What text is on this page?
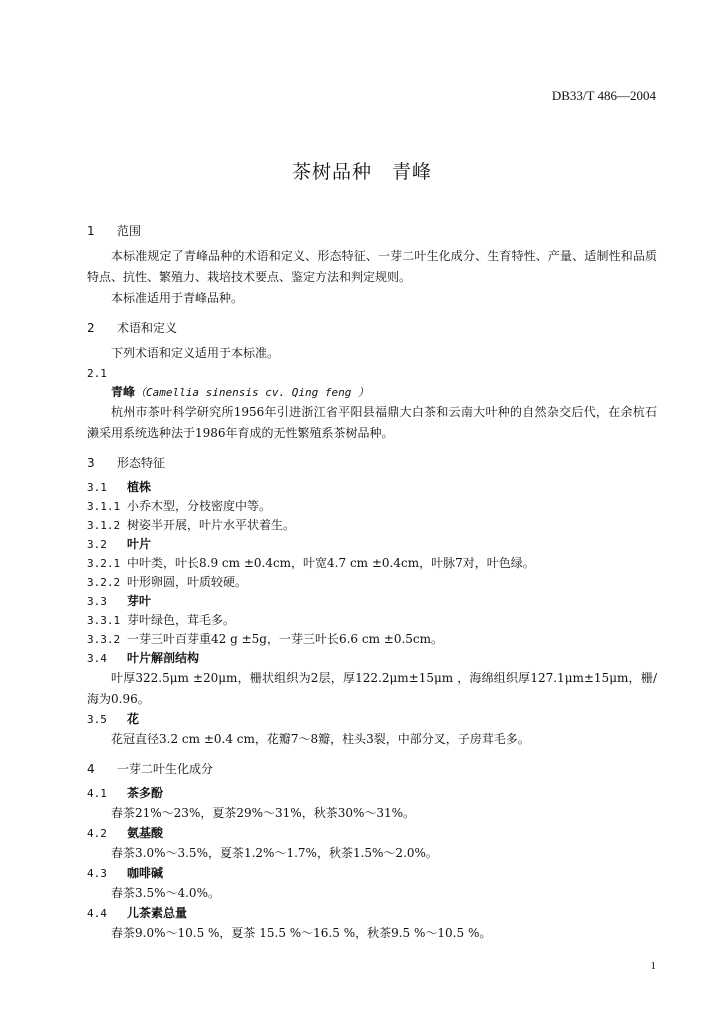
DB33/T 486—2004
茶树品种　青峰
1 范围

本标准规定了青峰品种的术语和定义、形态特征、一芽二叶生化成分、生育特性、产量、适制性和品质特点、抗性、繁殖力、栽培技术要点、鉴定方法和判定规则。

本标准适用于青峰品种。

2 术语和定义

下列术语和定义适用于本标准。

2.1

青峰（Camellia sinensis cv. Qing feng ）

杭州市茶叶科学研究所1956年引进浙江省平阳县福鼎大白茶和云南大叶种的自然杂交后代，在余杭石濑采用系统选种法于1986年育成的无性繁殖系茶树品种。

3 形态特征

3.1 植株

3.1.1 小乔木型，分枝密度中等。

3.1.2 树姿半开展，叶片水平状着生。

3.2 叶片

3.2.1 中叶类，叶长8.9 cm ±0.4cm，叶宽4.7 cm ±0.4cm，叶脉7对，叶色绿。

3.2.2 叶形卵圆，叶质较硬。

3.3 芽叶

3.3.1 芽叶绿色，茸毛多。

3.3.2 一芽三叶百芽重42 g ±5g，一芽三叶长6.6 cm ±0.5cm。

3.4 叶片解剖结构

叶厚322.5μm ±20μm，栅状组织为2层，厚122.2μm±15μm ，海绵组织厚127.1μm±15μm，栅/海为0.96。

3.5 花

花冠直径3.2 cm ±0.4 cm，花瓣7～8瓣，柱头3裂，中部分叉，子房茸毛多。

4 一芽二叶生化成分

4.1 茶多酚

春茶21%～23%，夏茶29%～31%，秋茶30%～31%。

4.2 氨基酸

春茶3.0%～3.5%，夏茶1.2%～1.7%，秋茶1.5%～2.0%。

4.3 咖啡碱

春茶3.5%～4.0%。

4.4 儿茶素总量

春茶9.0%～10.5 %，夏茶 15.5 %～16.5 %，秋茶9.5 %～10.5 %。

1
